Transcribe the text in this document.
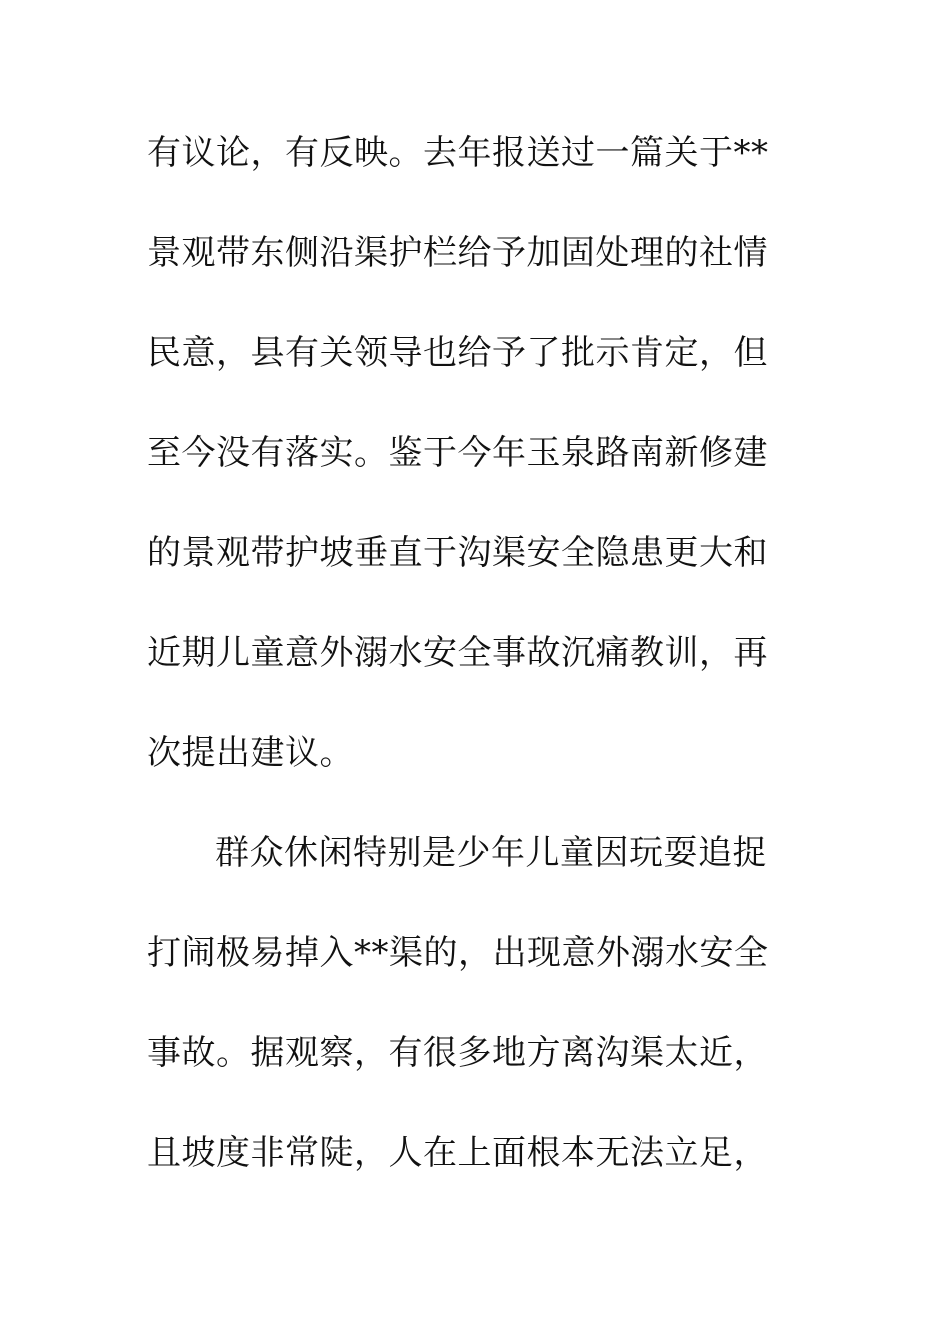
有议论，有反映。去年报送过一篇关于**
景观带东侧沿渠护栏给予加固处理的社情
民意，县有关领导也给予了批示肯定，但
至今没有落实。鉴于今年玉泉路南新修建
的景观带护坡垂直于沟渠安全隐患更大和
近期儿童意外溺水安全事故沉痛教训，再
次提出建议。
群众休闲特别是少年儿童因玩耍追捉
打闹极易掉入**渠的，出现意外溺水安全
事故。据观察，有很多地方离沟渠太近，
且坡度非常陡，人在上面根本无法立足，
